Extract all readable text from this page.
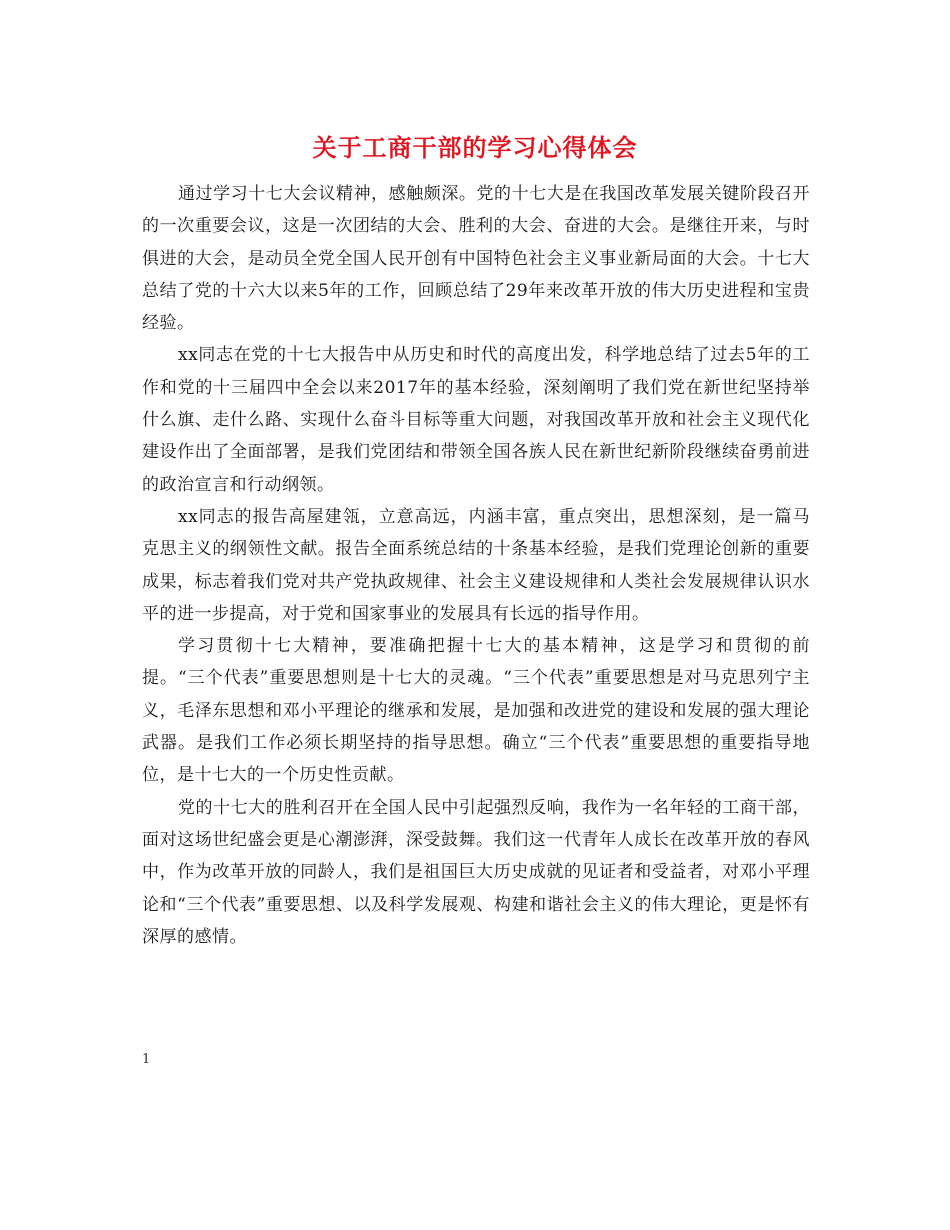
关于工商干部的学习心得体会

通过学习十七大会议精神，感触颇深。党的十七大是在我国改革发展关键阶段召开的一次重要会议，这是一次团结的大会、胜利的大会、奋进的大会。是继往开来，与时俱进的大会，是动员全党全国人民开创有中国特色社会主义事业新局面的大会。十七大总结了党的十六大以来5年的工作，回顾总结了29年来改革开放的伟大历史进程和宝贵经验。

xx同志在党的十七大报告中从历史和时代的高度出发，科学地总结了过去5年的工作和党的十三届四中全会以来2017年的基本经验，深刻阐明了我们党在新世纪坚持举什么旗、走什么路、实现什么奋斗目标等重大问题，对我国改革开放和社会主义现代化建设作出了全面部署，是我们党团结和带领全国各族人民在新世纪新阶段继续奋勇前进的政治宣言和行动纲领。

xx同志的报告高屋建瓴，立意高远，内涵丰富，重点突出，思想深刻，是一篇马克思主义的纲领性文献。报告全面系统总结的十条基本经验，是我们党理论创新的重要成果，标志着我们党对共产党执政规律、社会主义建设规律和人类社会发展规律认识水平的进一步提高，对于党和国家事业的发展具有长远的指导作用。

学习贯彻十七大精神，要准确把握十七大的基本精神，这是学习和贯彻的前提。“三个代表”重要思想则是十七大的灵魂。“三个代表”重要思想是对马克思列宁主义，毛泽东思想和邓小平理论的继承和发展，是加强和改进党的建设和发展的强大理论武器。是我们工作必须长期坚持的指导思想。确立“三个代表”重要思想的重要指导地位，是十七大的一个历史性贡献。

党的十七大的胜利召开在全国人民中引起强烈反响，我作为一名年轻的工商干部，面对这场世纪盛会更是心潮澎湃，深受鼓舞。我们这一代青年人成长在改革开放的春风中，作为改革开放的同龄人，我们是祖国巨大历史成就的见证者和受益者，对邓小平理论和“三个代表”重要思想、以及科学发展观、构建和谐社会主义的伟大理论，更是怀有深厚的感情。

1
